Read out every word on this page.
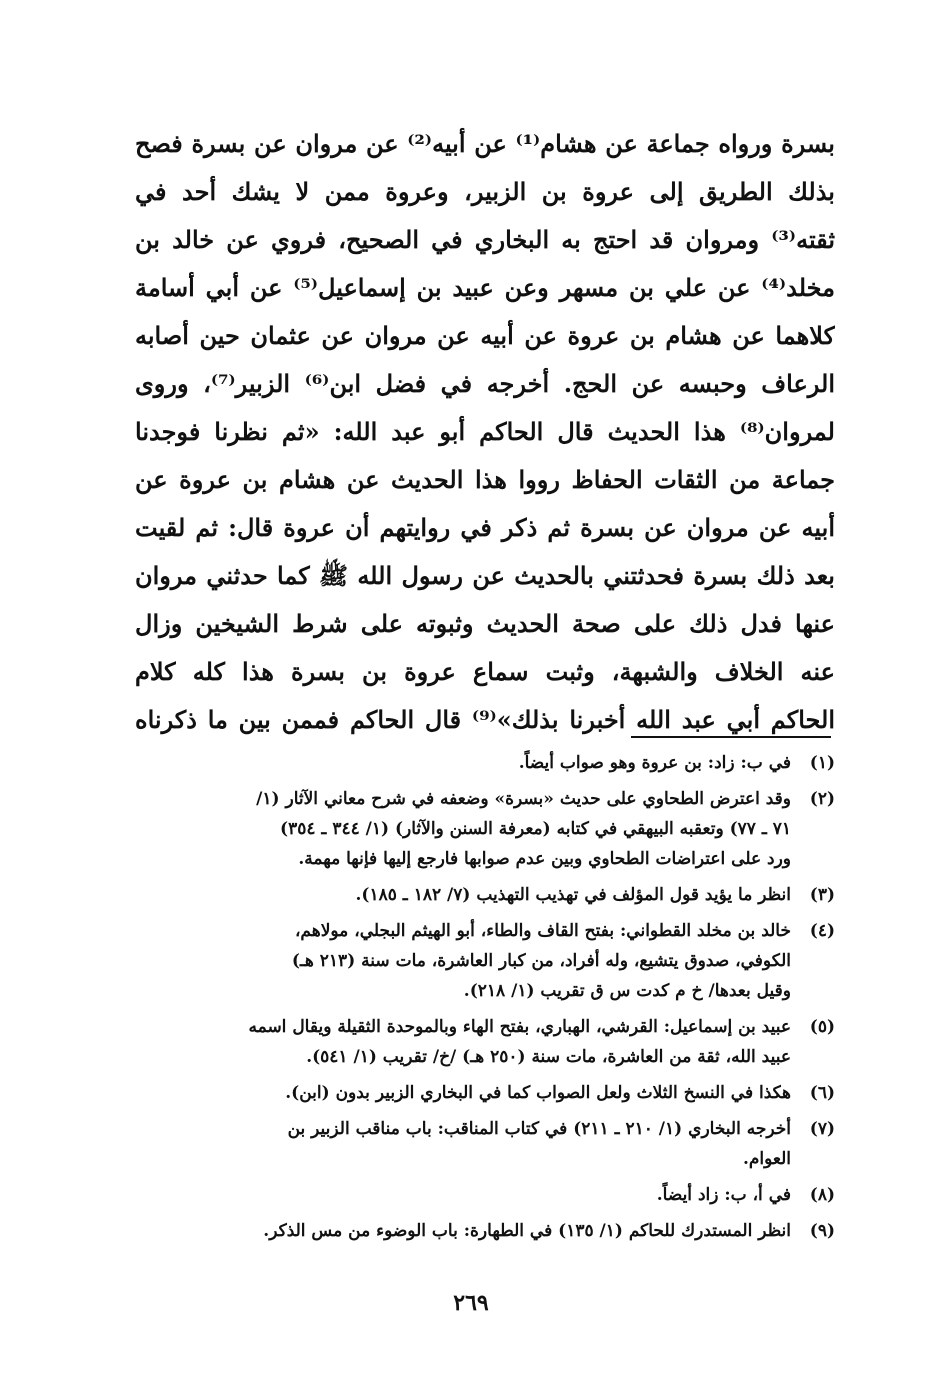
بسرة ورواه جماعة عن هشام⁽¹⁾ عن أبيه⁽²⁾ عن مروان عن بسرة فصح
بذلك الطريق إلى عروة بن الزبير، وعروة ممن لا يشك أحد في
ثقته⁽³⁾ ومروان قد احتج به البخاري في الصحيح، فروي عن خالد بن
مخلد⁽⁴⁾ عن علي بن مسهر وعن عبيد بن إسماعيل⁽⁵⁾ عن أبي أسامة
كلاهما عن هشام بن عروة عن أبيه عن مروان عن عثمان حين أصابه
الرعاف وحبسه عن الحج. أخرجه في فضل ابن⁽⁶⁾ الزبير⁽⁷⁾، وروى
لمروان⁽⁸⁾ هذا الحديث قال الحاكم أبو عبد الله: «ثم نظرنا فوجدنا
جماعة من الثقات الحفاظ رووا هذا الحديث عن هشام بن عروة عن
أبيه عن مروان عن بسرة ثم ذكر في روايتهم أن عروة قال: ثم لقيت
بعد ذلك بسرة فحدثتني بالحديث عن رسول الله ﷺ كما حدثني مروان
عنها فدل ذلك على صحة الحديث وثبوته على شرط الشيخين وزال
عنه الخلاف والشبهة، وثبت سماع عروة بن بسرة هذا كله كلام
الحاكم أبي عبد الله أخبرنا بذلك»⁽⁹⁾ قال الحاكم فممن بين ما ذكرناه
(١)
في ب: زاد: بن عروة وهو صواب أيضاً.
(٢)
وقد اعترض الطحاوي على حديث «بسرة» وضعفه في شرح معاني الآثار (١/
٧١ ـ ٧٧) وتعقبه البيهقي في كتابه (معرفة السنن والآثار) (١/ ٣٤٤ ـ ٣٥٤)
ورد على اعتراضات الطحاوي وبين عدم صوابها فارجع إليها فإنها مهمة.
(٣)
انظر ما يؤيد قول المؤلف في تهذيب التهذيب (٧/ ١٨٢ ـ ١٨٥).
(٤)
خالد بن مخلد القطواني: بفتح القاف والطاء، أبو الهيثم البجلي، مولاهم،
الكوفي، صدوق يتشيع، وله أفراد، من كبار العاشرة، مات سنة (٢١٣ هـ)
وقيل بعدها/ خ م كدت س ق تقريب (١/ ٢١٨).
(٥)
عبيد بن إسماعيل: القرشي، الهباري، بفتح الهاء وبالموحدة الثقيلة ويقال اسمه
عبيد الله، ثقة من العاشرة، مات سنة (٢٥٠ هـ) /خ/ تقريب (١/ ٥٤١).
(٦)
هكذا في النسخ الثلاث ولعل الصواب كما في البخاري الزبير بدون (ابن).
(٧)
أخرجه البخاري (١/ ٢١٠ ـ ٢١١) في كتاب المناقب: باب مناقب الزبير بن
العوام.
(٨)
في أ، ب: زاد أيضاً.
(٩)
انظر المستدرك للحاكم (١/ ١٣٥) في الطهارة: باب الوضوء من مس الذكر.
٢٦٩
